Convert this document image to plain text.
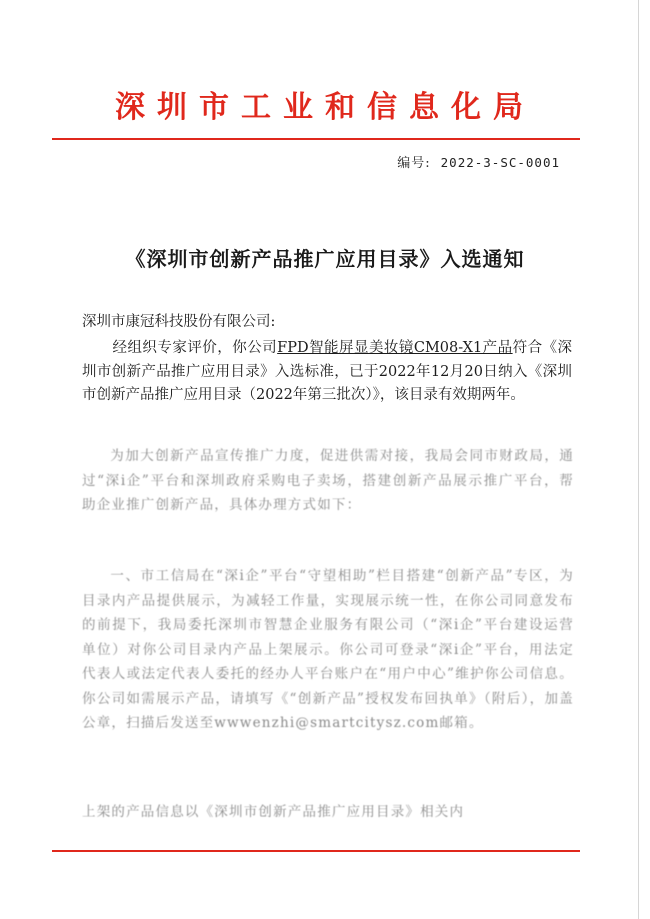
深圳市工业和信息化局
编号: 2022-3-SC-0001
《深圳市创新产品推广应用目录》入选通知
深圳市康冠科技股份有限公司:
经组织专家评价，你公司FPD智能屏显美妆镜CM08-X1产品符合《深圳市创新产品推广应用目录》入选标准，已于2022年12月20日纳入《深圳市创新产品推广应用目录（2022年第三批次）》，该目录有效期两年。
为加大创新产品宣传推广力度，促进供需对接，我局会同市财政局，通过“深i企”平台和深圳政府采购电子卖场，搭建创新产品展示推广平台，帮助企业推广创新产品，具体办理方式如下：
一、市工信局在“深i企”平台“守望相助”栏目搭建“创新产品”专区，为目录内产品提供展示，为减轻工作量，实现展示统一性，在你公司同意发布的前提下，我局委托深圳市智慧企业服务有限公司（“深i企”平台建设运营单位）对你公司目录内产品上架展示。你公司可登录“深i企”平台，用法定代表人或法定代表人委托的经办人平台账户在“用户中心”维护你公司信息。你公司如需展示产品，请填写《“创新产品”授权发布回执单》（附后），加盖公章，扫描后发送至wwwenzhi@smartcitysz.com邮箱。
上架的产品信息以《深圳市创新产品推广应用目录》相关内
